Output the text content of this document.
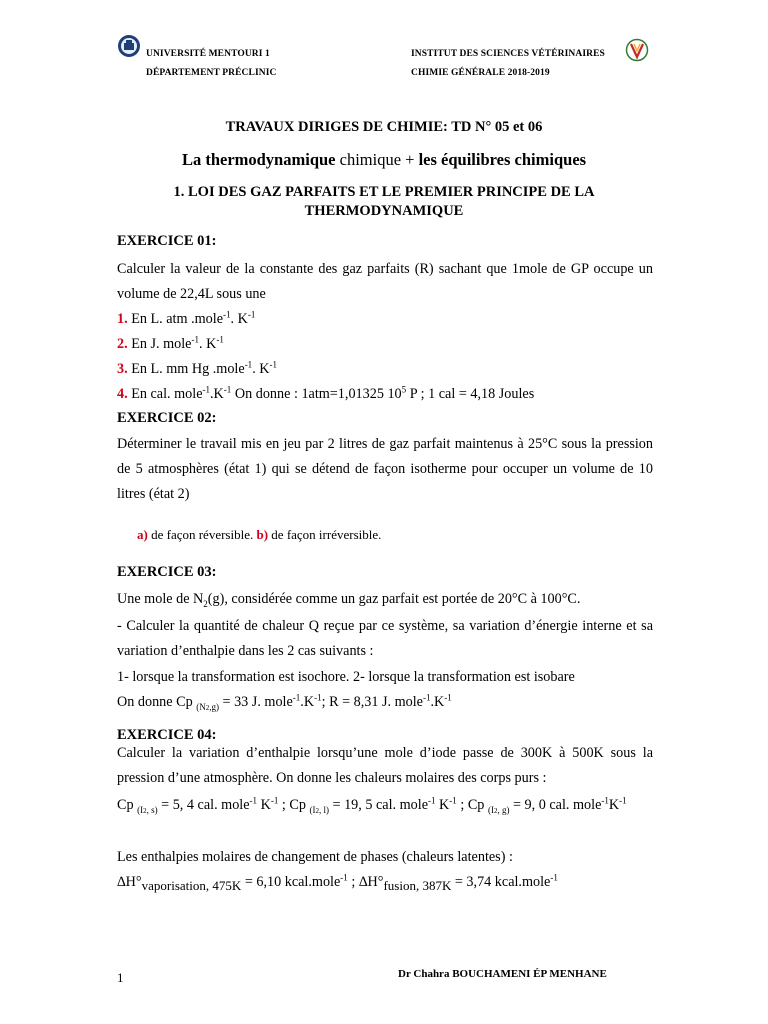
UNIVERSITÉ MENTOURI 1
DÉPARTEMENT PRÉCLINIC
INSTITUT DES SCIENCES VÉTÉRINAIRES
CHIMIE GÉNÉRALE 2018-2019
TRAVAUX DIRIGES DE CHIMIE: TD N° 05 et 06
La thermodynamique chimique + les équilibres chimiques
1. LOI DES GAZ PARFAITS ET LE PREMIER PRINCIPE DE LA
THERMODYNAMIQUE
EXERCICE 01:

Calculer la valeur de la constante des gaz parfaits (R) sachant que 1mole de GP occupe un volume de 22,4L sous une

1. En L. atm .mole$^{-1}$. $K^{-1}$

2. En J. mole$^{-1}$. $K^{-1}$

3. En L. mm Hg .mole$^{-1}$. $K^{-1}$

4. En cal. $mole^{-1}.K^{-1}$ On donne : 1atm=1,01325 $10^5$ P ; 1 cal = 4,18 Joules

EXERCICE 02:

Déterminer le travail mis en jeu par 2 litres de gaz parfait maintenus à 25°C sous la pression de 5 atmosphères (état 1) qui se détend de façon isotherme pour occuper un volume de 10 litres (état 2)

a) de façon réversible. b) de façon irréversible.

EXERCICE 03:

Une mole de $N_2(g)$, considérée comme un gaz parfait est portée de 20°C à 100°C.

- Calculer la quantité de chaleur Q reçue par ce système, sa variation d’énergie interne et sa variation d’enthalpie dans les 2 cas suivants :

1- lorsque la transformation est isochore. 2- lorsque la transformation est isobare

On donne Cp $_{(N2,g)}$ = 33 J. $mole^{-1}.K^{-1}$; R = 8,31 J. $mole^{-1}.K^{-1}$

EXERCICE 04:

Calculer la variation d’enthalpie lorsqu’une mole d’iode passe de 300K à 500K sous la pression d’une atmosphère. On donne les chaleurs molaires des corps purs :

Cp $_{(I2, s)}$ = 5, 4 cal. mole$^{-1}$ $K^{-1}$ ; Cp $_{(I2, l)}$ = 19, 5 cal. mole$^{-1}$ $K^{-1}$ ; Cp $_{(I2, g)}$ = 9, 0 cal. $mole^{-1}K^{-1}$

Les enthalpies molaires de changement de phases (chaleurs latentes) :

$\Delta H^\circ_{vaporisation, 475K} = 6,10$ kcal.mole$^{-1}$ ; $\Delta H^\circ_{fusion, 387K} = 3,74$ kcal.mole$^{-1}$

1	Dr Chahra BOUCHAMENI ÉP MENHANE
